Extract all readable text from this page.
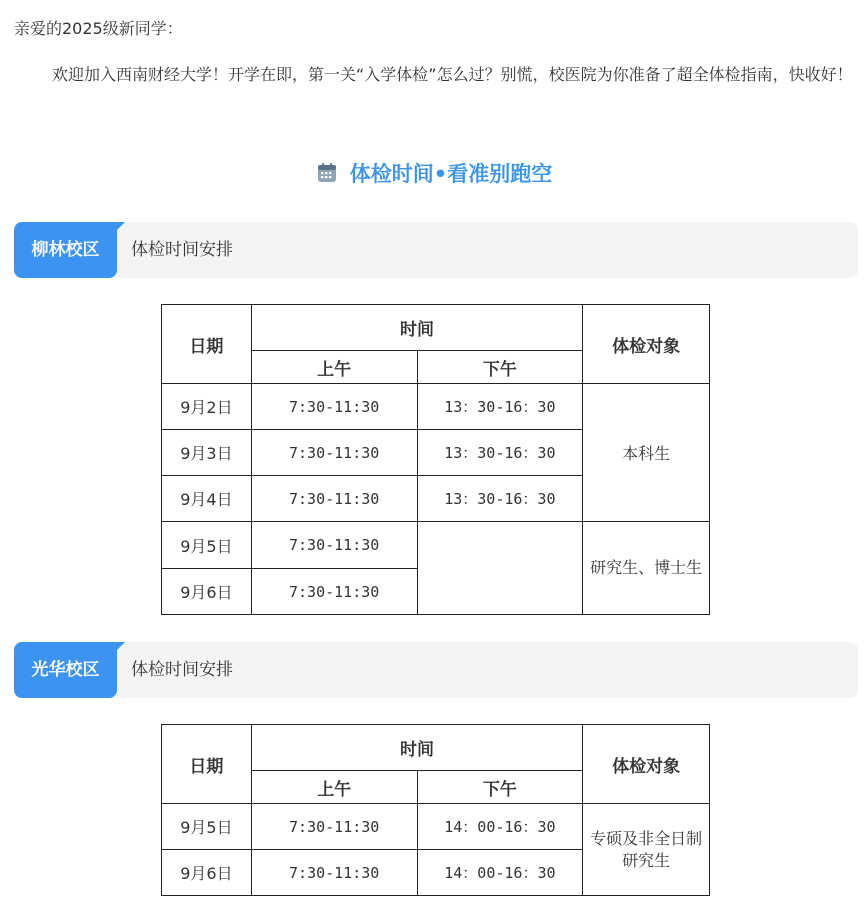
亲爱的2025级新同学：

欢迎加入西南财经大学！开学在即，第一关“入学体检”怎么过？别慌，校医院为你准备了超全体检指南，快收好！

体检时间•看准别跑空
柳林校区	体检时间安排
日期	时间		体检对象
	上午	下午	
9月2日	7:30-11:30	13：30-16：30	本科生
9月3日	7:30-11:30	13：30-16：30	
9月4日	7:30-11:30	13：30-16：30	
9月5日	7:30-11:30		研究生、博士生
9月6日	7:30-11:30		
光华校区	体检时间安排
日期	时间		体检对象
	上午	下午	
9月5日	7:30-11:30	14：00-16：30	专硕及非全日制研究生
9月6日	7:30-11:30	14：00-16：30	
